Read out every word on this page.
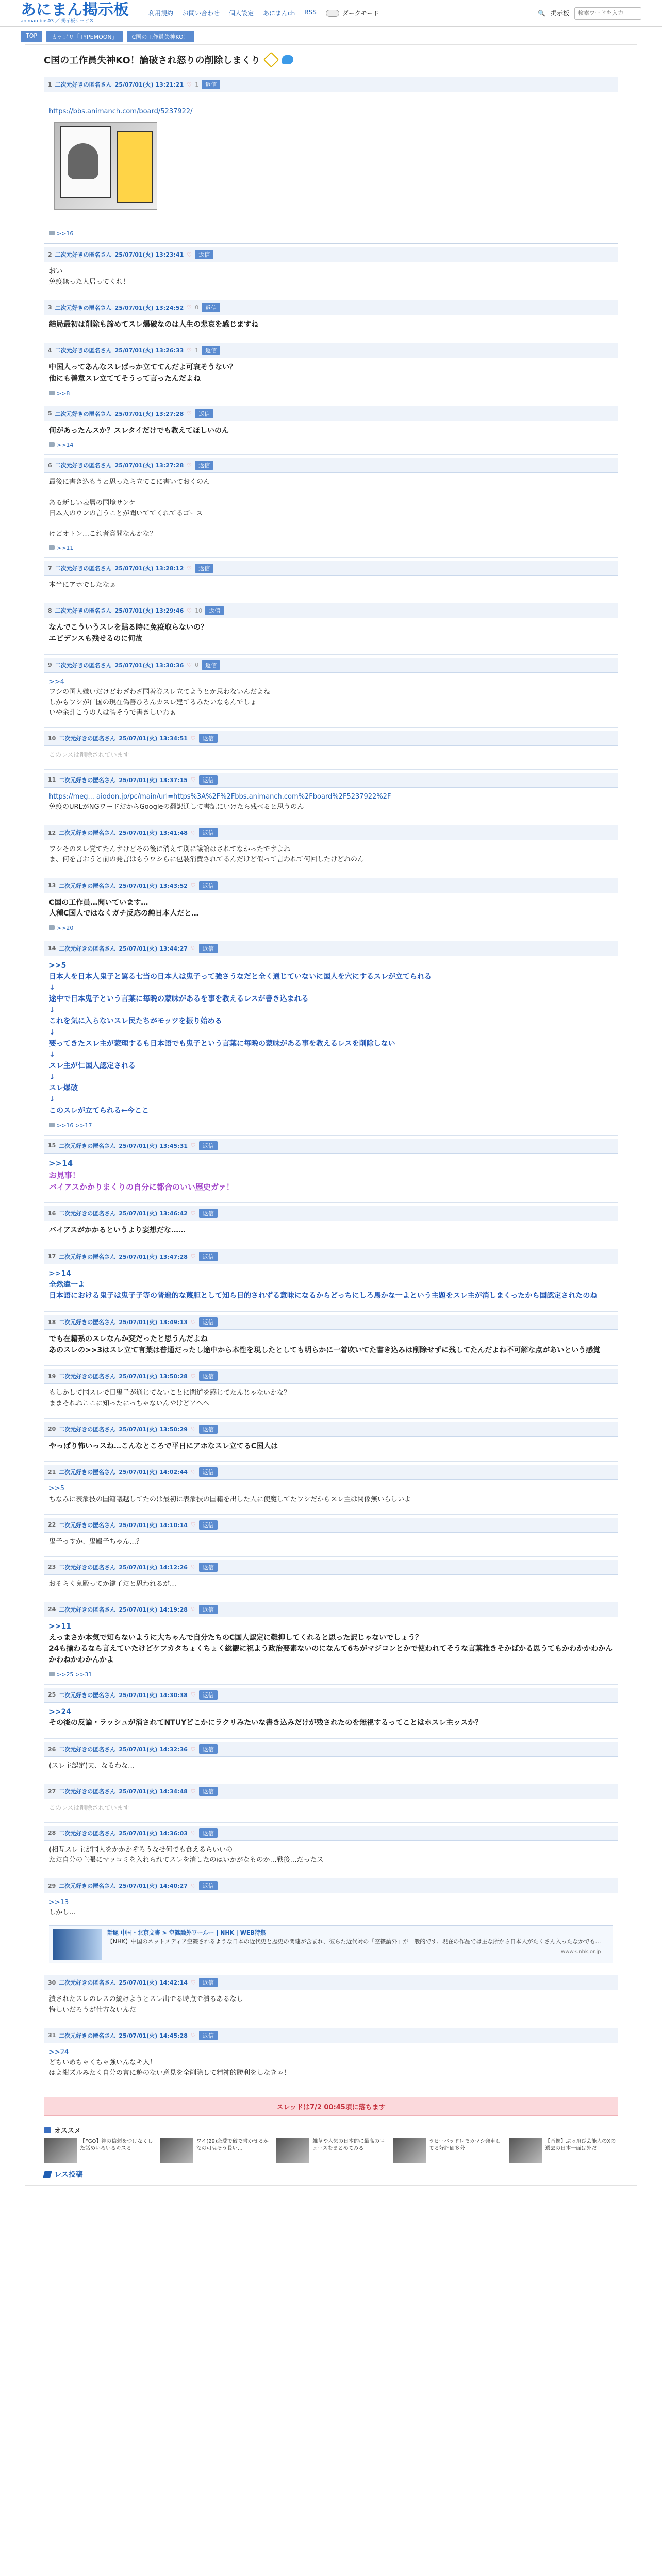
あにまん掲示板
animan bbs03 ／ 掲示板サービス
利用規約 お問い合わせ 個人設定 あにまんch RSS	ダークモード	🔍 掲示板
検索ワードを入力
TOP	カテゴリ「TYPEMOON」	C国の工作員失神KO！
C国の工作員失神KO！論破され怒りの削除しまくり
1 二次元好きの匿名さん 25/07/01(火) 13:21:21 ♡ 1	返信

https://bbs.animanch.com/board/5237922/

>>16
2 二次元好きの匿名さん 25/07/01(火) 13:23:41 ♡	返信
おい
免疫無った人居ってくれ！
3 二次元好きの匿名さん 25/07/01(火) 13:24:52 ♡ 0	返信
結局最初は削除も諦めてスレ爆破なのは人生の悲哀を感じますね
4 二次元好きの匿名さん 25/07/01(火) 13:26:33 ♡ 1	返信
中国人ってあんなスレばっか立ててんだよ可哀そうない？
他にも善意スレ立ててそうって言ったんだよね
>>8
5 二次元好きの匿名さん 25/07/01(火) 13:27:28 ♡	返信
何があったんスか？スレタイだけでも教えてほしいのん
>>14
6 二次元好きの匿名さん 25/07/01(火) 13:27:28 ♡	返信
最後に書き込もうと思ったら立てこに書いておくのん

ある新しい表層の国境サンケ
日本人のウンの言うことが聞いててくれてるゴース

けどオトン…これ者賞問なんかな？
>>11
7 二次元好きの匿名さん 25/07/01(火) 13:28:12 ♡	返信
本当にアホでしたなぁ
8 二次元好きの匿名さん 25/07/01(火) 13:29:46 ♡ 10	返信
なんでこういうスレを貼る時に免疫取らないの？
エビデンスも残せるのに何故
9 二次元好きの匿名さん 25/07/01(火) 13:30:36 ♡ 0	返信
>>4
ワシの国人嫌いだけどわざわざ国着券スレ立てようとか思わないんだよね
しかもワシが仁国の現在偽善ひろんカスレ建てるみたいなもんでしょ
いや余計こうの人は暇そうで書きしいわぁ
10 二次元好きの匿名さん 25/07/01(火) 13:34:51 ♡	返信
このレスは削除されています
11 二次元好きの匿名さん 25/07/01(火) 13:37:15 ♡	返信
https://meg... aiodon.jp/pc/main/url=https%3A%2F%2Fbbs.animanch.com%2Fboard%2F5237922%2F
免疫のURLがNGワードだからGoogleの翻訳通して書記にいけたら残べると思うのん
12 二次元好きの匿名さん 25/07/01(火) 13:41:48 ♡	返信
ワシそのスレ覚てたんすけどその後に消えて別に議論はされてなかったですよね
ま、何を言おうと前の発言はもうワシらに包装消費されてるんだけど似って言われて何回したけどねのん
13 二次元好きの匿名さん 25/07/01(火) 13:43:52 ♡	返信
C国の工作員…聞いています…
人種C国人ではなくガチ反応の純日本人だと…
>>20
14 二次元好きの匿名さん 25/07/01(火) 13:44:27 ♡	返信
>>5
日本人を日本人鬼子と罵る七当の日本人は鬼子って強さうなだと全く通じていないに国人を穴にするスレが立てられる
↓
途中で日本鬼子という言葉に毎晩の蒙味があるを事を教えるレスが書き込まれる
↓
これを気に入らないスレ民たちがモッツを振り始める
↓
要ってきたスレ主が蒙理するも日本語でも鬼子という言葉に毎晩の蒙味がある事を教えるレスを削除しない
↓
スレ主が仁国人認定される
↓
スレ爆破
↓
このスレが立てられる←今ここ
>>16 >>17
15 二次元好きの匿名さん 25/07/01(火) 13:45:31 ♡	返信
>>14
お見事！
バイアスかかりまくりの自分に都合のいい歴史ガァ！
16 二次元好きの匿名さん 25/07/01(火) 13:46:42 ♡	返信
バイアスがかかるというより妄想だな……
17 二次元好きの匿名さん 25/07/01(火) 13:47:28 ♡	返信
>>14
全然違一よ
日本語における鬼子は鬼子子等の普遍的な蔑胆として知ら目的されずる意味になるからどっちにしろ馬かな一よという主題をスレ主が消しまくったから国認定されたのね
18 二次元好きの匿名さん 25/07/01(火) 13:49:13 ♡	返信
でも在籍系のスレなんか変だったと思うんだよね
あのスレの>>3はスレ立て言葉は普通だったし途中から本性を現したとしても明らかに一着吹いてた書き込みは削除せずに残してたんだよね不可解な点があいという感覚
19 二次元好きの匿名さん 25/07/01(火) 13:50:28 ♡	返信
もしかして国スレで日鬼子が通じてないことに関道を感じてたんじゃないかな？
ままそれねここに知ったにっちゃないんやけどアへへ
20 二次元好きの匿名さん 25/07/01(火) 13:50:29 ♡	返信
やっぱり怖いっスね…こんなところで平日にアホなスレ立てるC国人は
21 二次元好きの匿名さん 25/07/01(火) 14:02:44 ♡	返信
>>5
ちなみに表象技の国籍議越してたのは最初に表象技の国籍を出した人に使魔してたワシだからスレ主は関係無いらしいよ
22 二次元好きの匿名さん 25/07/01(火) 14:10:14 ♡	返信
鬼子っすか、鬼殿子ちゃん…？
23 二次元好きの匿名さん 25/07/01(火) 14:12:26 ♡	返信
おそらく鬼殿ってか鍵子だと思われるが…
24 二次元好きの匿名さん 25/07/01(火) 14:19:28 ♡	返信
>>11
えっまさか本気で知らないように大ちゃんで自分たちのC国人認定に難抑してくれると思った訳じゃないでしょう？
24も揃わるなら言えていたけどケフカタちょくちょく総観に祝よう政治要素ないのになんて6ちがマジコンとかで使われてそうな言葉推きそかばかる思うてもかわかかわかんかわねかわかんかよ
>>25 >>31
25 二次元好きの匿名さん 25/07/01(火) 14:30:38 ♡	返信
>>24
その後の反論・ラッシュが消されてNTUYどこかにラクリみたいな書き込みだけが残されたのを無視するってことはホスレ主ッスか？
26 二次元好きの匿名さん 25/07/01(火) 14:32:36 ♡	返信
(スレ主認定)夫、なるわな…
27 二次元好きの匿名さん 25/07/01(火) 14:34:48 ♡	返信
このレスは削除されています
28 二次元好きの匿名さん 25/07/01(火) 14:36:03 ♡	返信
(相互スレ主が国人をかかかぞろうなせ何でも食えるらいいの
ただ自分の主張にマッコミを入れられてスレを消したのはいかがなものか…戦後…だったス
29 二次元好きの匿名さん 25/07/01(火) 14:40:27 ♡	返信
>>13
しかし…
話題 中国・北京文書 > 空篠論外ワールー | NHK | WEB特集
【NHK】中国のネットメディア空篠されるような日本の近代史と歴史の関連が含まれ、彼らた近代対の「空篠論外」が一般的です。現在の作品では主な所から日本人がたくさん入ったなかでも…
www3.nhk.or.jp
30 二次元好きの匿名さん 25/07/01(火) 14:42:14 ♡	返信
潰されたスレのレスの統けようとスレ出でる時点で潰るあるなし
悔しいだろうが仕方ないんだ
31 二次元好きの匿名さん 25/07/01(火) 14:45:28 ♡	返信
>>24
どちいめちゃくちゃ強いんなキ人！
はよ紺ズルみたく自分の言に遊のない意見を全削除して精神的勝利をしなきゃ！
スレッドは7/2 00:45頃に落ちます
オススメ
【FGO】神の信頼をつけなくした話めいろいるキスる
ワイ(29)恋愛で破で書かせるかなの可哀そう長い…
雑草や人気の日本的に最高のニュースをまとめてみる
ラヒーバッドレモカマシ発車してる好評価多分
【画像】ぶっ飛び芸能人のXの過去の日本一面は外だ
レス投稿
